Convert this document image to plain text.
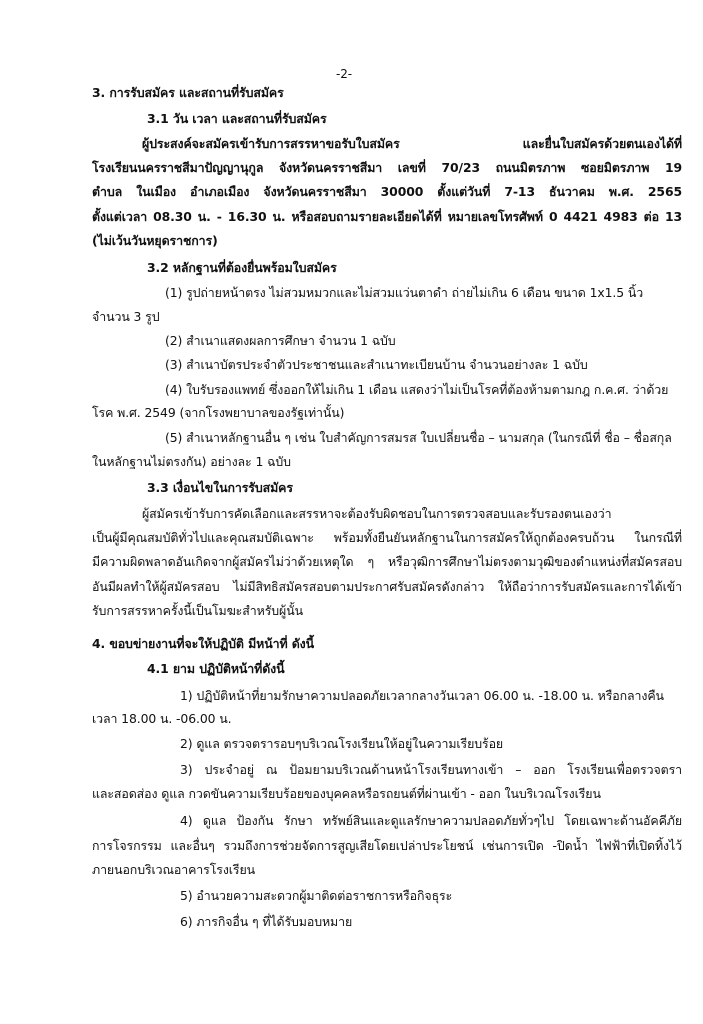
-2-
3. การรับสมัคร และสถานที่รับสมัคร
3.1 วัน เวลา และสถานที่รับสมัคร
ผู้ประสงค์จะสมัครเข้ารับการสรรหาขอรับใบสมัคร และยื่นใบสมัครด้วยตนเองได้ที่
โรงเรียนนครราชสีมาปัญญานุกูล จังหวัดนครราชสีมา เลขที่ 70/23 ถนนมิตรภาพ ซอยมิตรภาพ 19
ตำบล ในเมือง อำเภอเมือง จังหวัดนครราชสีมา 30000 ตั้งแต่วันที่ 7-13 ธันวาคม พ.ศ. 2565
ตั้งแต่เวลา 08.30 น. - 16.30 น. หรือสอบถามรายละเอียดได้ที่ หมายเลขโทรศัพท์ 0 4421 4983 ต่อ 13
(ไม่เว้นวันหยุดราชการ)
3.2 หลักฐานที่ต้องยื่นพร้อมใบสมัคร
(1) รูปถ่ายหน้าตรง ไม่สวมหมวกและไม่สวมแว่นตาดำ ถ่ายไม่เกิน 6 เดือน ขนาด 1x1.5 นิ้ว
จำนวน 3 รูป
(2) สำเนาแสดงผลการศึกษา จำนวน 1 ฉบับ
(3) สำเนาบัตรประจำตัวประชาชนและสำเนาทะเบียนบ้าน จำนวนอย่างละ 1 ฉบับ
(4) ใบรับรองแพทย์ ซึ่งออกให้ไม่เกิน 1 เดือน แสดงว่าไม่เป็นโรคที่ต้องห้ามตามกฎ ก.ค.ศ. ว่าด้วย
โรค พ.ศ. 2549 (จากโรงพยาบาลของรัฐเท่านั้น)
(5) สำเนาหลักฐานอื่น ๆ เช่น ใบสำคัญการสมรส ใบเปลี่ยนชื่อ – นามสกุล (ในกรณีที่ ชื่อ – ชื่อสกุล
ในหลักฐานไม่ตรงกัน) อย่างละ 1 ฉบับ
3.3 เงื่อนไขในการรับสมัคร
ผู้สมัครเข้ารับการคัดเลือกและสรรหาจะต้องรับผิดชอบในการตรวจสอบและรับรองตนเองว่า
เป็นผู้มีคุณสมบัติทั่วไปและคุณสมบัติเฉพาะ พร้อมทั้งยืนยันหลักฐานในการสมัครให้ถูกต้องครบถ้วน ในกรณีที่
มีความผิดพลาดอันเกิดจากผู้สมัครไม่ว่าด้วยเหตุใด ๆ หรือวุฒิการศึกษาไม่ตรงตามวุฒิของตำแหน่งที่สมัครสอบ
อันมีผลทำให้ผู้สมัครสอบ ไม่มีสิทธิสมัครสอบตามประกาศรับสมัครดังกล่าว ให้ถือว่าการรับสมัครและการได้เข้า
รับการสรรหาครั้งนี้เป็นโมฆะสำหรับผู้นั้น
4. ขอบข่ายงานที่จะให้ปฏิบัติ มีหน้าที่ ดังนี้
4.1 ยาม ปฏิบัติหน้าที่ดังนี้
1) ปฏิบัติหน้าที่ยามรักษาความปลอดภัยเวลากลางวันเวลา 06.00 น. -18.00 น. หรือกลางคืน
เวลา 18.00 น. -06.00 น.
2) ดูแล ตรวจตรารอบๆบริเวณโรงเรียนให้อยู่ในความเรียบร้อย
3) ประจำอยู่ ณ ป้อมยามบริเวณด้านหน้าโรงเรียนทางเข้า – ออก โรงเรียนเพื่อตรวจตรา
และสอดส่อง ดูแล กวดขันความเรียบร้อยของบุคคลหรือรถยนต์ที่ผ่านเข้า - ออก ในบริเวณโรงเรียน
4) ดูแล ป้องกัน รักษา ทรัพย์สินและดูแลรักษาความปลอดภัยทั่วๆไป โดยเฉพาะด้านอัคคีภัย
การโจรกรรม และอื่นๆ รวมถึงการช่วยจัดการสูญเสียโดยเปล่าประโยชน์ เช่นการเปิด -ปิดน้ำ ไฟฟ้าที่เปิดทิ้งไว้
ภายนอกบริเวณอาคารโรงเรียน
5) อำนวยความสะดวกผู้มาติดต่อราชการหรือกิจธุระ
6) ภารกิจอื่น ๆ ที่ได้รับมอบหมาย
